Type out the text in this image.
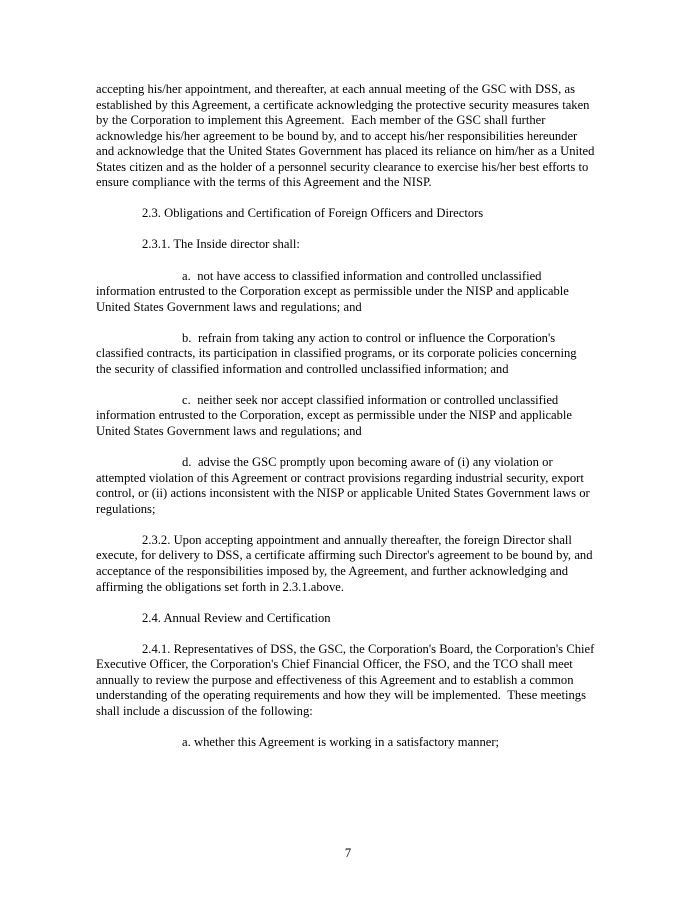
accepting his/her appointment, and thereafter, at each annual meeting of the GSC with DSS, as established by this Agreement, a certificate acknowledging the protective security measures taken by the Corporation to implement this Agreement.  Each member of the GSC shall further acknowledge his/her agreement to be bound by, and to accept his/her responsibilities hereunder and acknowledge that the United States Government has placed its reliance on him/her as a United States citizen and as the holder of a personnel security clearance to exercise his/her best efforts to ensure compliance with the terms of this Agreement and the NISP.

2.3. Obligations and Certification of Foreign Officers and Directors

2.3.1. The Inside director shall:

a.  not have access to classified information and controlled unclassified information entrusted to the Corporation except as permissible under the NISP and applicable United States Government laws and regulations; and

b.  refrain from taking any action to control or influence the Corporation's classified contracts, its participation in classified programs, or its corporate policies concerning the security of classified information and controlled unclassified information; and

c.  neither seek nor accept classified information or controlled unclassified information entrusted to the Corporation, except as permissible under the NISP and applicable United States Government laws and regulations; and

d.  advise the GSC promptly upon becoming aware of (i) any violation or attempted violation of this Agreement or contract provisions regarding industrial security, export control, or (ii) actions inconsistent with the NISP or applicable United States Government laws or regulations;

2.3.2. Upon accepting appointment and annually thereafter, the foreign Director shall execute, for delivery to DSS, a certificate affirming such Director's agreement to be bound by, and acceptance of the responsibilities imposed by, the Agreement, and further acknowledging and affirming the obligations set forth in 2.3.1.above.

2.4. Annual Review and Certification

2.4.1. Representatives of DSS, the GSC, the Corporation's Board, the Corporation's Chief Executive Officer, the Corporation's Chief Financial Officer, the FSO, and the TCO shall meet annually to review the purpose and effectiveness of this Agreement and to establish a common understanding of the operating requirements and how they will be implemented.  These meetings shall include a discussion of the following:

a. whether this Agreement is working in a satisfactory manner;

7
